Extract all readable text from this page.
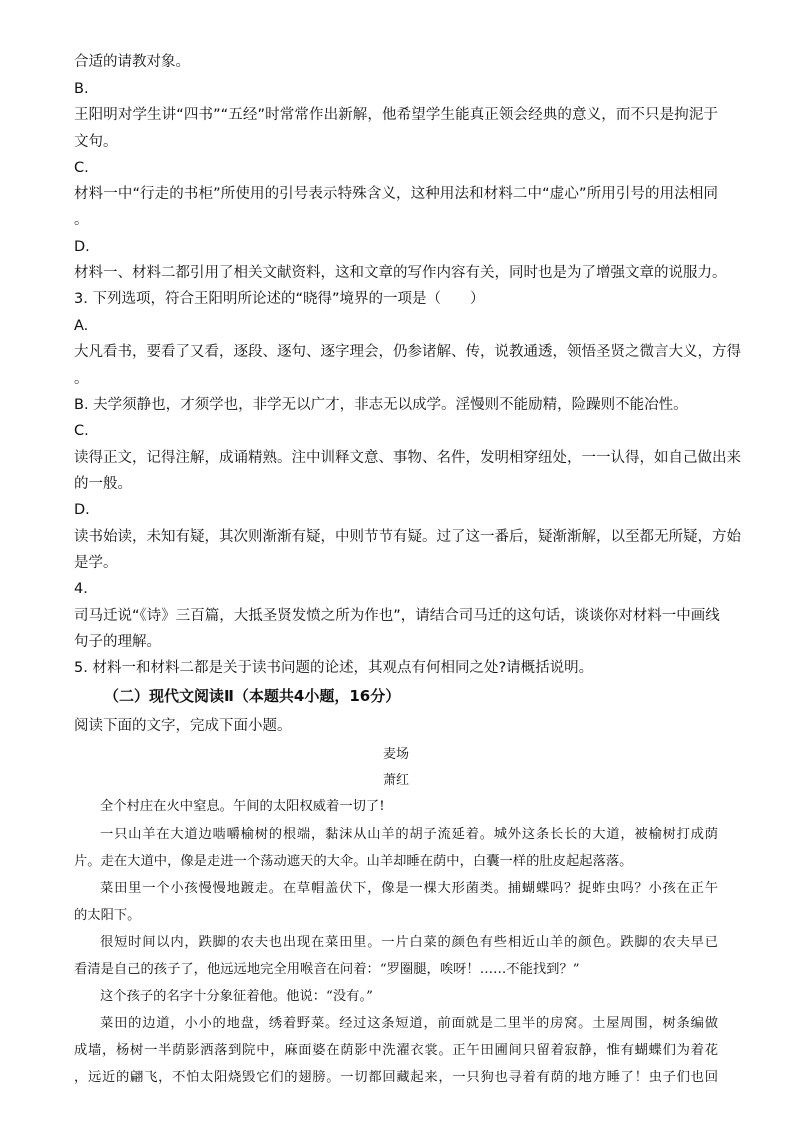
合适的请教对象。
B.
王阳明对学生讲“四书”“五经”时常常作出新解，他希望学生能真正领会经典的意义，而不只是拘泥于
文句。
C.
材料一中“行走的书柜”所使用的引号表示特殊含义，这种用法和材料二中“虚心”所用引号的用法相同
。
D.
材料一、材料二都引用了相关文献资料，这和文章的写作内容有关，同时也是为了增强文章的说服力。
3. 下列选项，符合王阳明所论述的“晓得”境界的一项是（　　）
A.
大凡看书，要看了又看，逐段、逐句、逐字理会，仍参诸解、传，说教通透，领悟圣贤之微言大义，方得
。
B. 夫学须静也，才须学也，非学无以广才，非志无以成学。淫慢则不能励精，险躁则不能冶性。
C.
读得正文，记得注解，成诵精熟。注中训释文意、事物、名件，发明相穿纽处，一一认得，如自己做出来
的一般。
D.
读书始读，未知有疑，其次则渐渐有疑，中则节节有疑。过了这一番后，疑渐渐解，以至都无所疑，方始
是学。
4.
司马迁说“《诗》三百篇，大抵圣贤发愤之所为作也”，请结合司马迁的这句话，谈谈你对材料一中画线
句子的理解。
5. 材料一和材料二都是关于读书问题的论述，其观点有何相同之处?请概括说明。
（二）现代文阅读Ⅱ（本题共4小题，16分）
阅读下面的文字，完成下面小题。
麦场
萧红
全个村庄在火中窒息。午间的太阳权威着一切了!
一只山羊在大道边啮嚼榆树的根端，黏沫从山羊的胡子流延着。城外这条长长的大道，被榆树打成荫
片。走在大道中，像是走进一个荡动遮天的大伞。山羊却睡在荫中，白囊一样的肚皮起起落落。
菜田里一个小孩慢慢地踱走。在草帽盖伏下，像是一棵大形菌类。捕蝴蝶吗？捉蚱虫吗？小孩在正午
的太阳下。
很短时间以内，跌脚的农夫也出现在菜田里。一片白菜的颜色有些相近山羊的颜色。跌脚的农夫早已
看清是自己的孩子了，他远远地完全用喉音在问着：“罗圈腿，唉呀！……不能找到？”
这个孩子的名字十分象征着他。他说：“没有。”
菜田的边道，小小的地盘，绣着野菜。经过这条短道，前面就是二里半的房窝。土屋周围，树条编做
成墙，杨树一半荫影洒落到院中，麻面婆在荫影中洗濯衣裳。正午田圃间只留着寂静，惟有蝴蝶们为着花
，远近的翩飞，不怕太阳烧毁它们的翅膀。一切都回藏起来，一只狗也寻着有荫的地方睡了！虫子们也回
